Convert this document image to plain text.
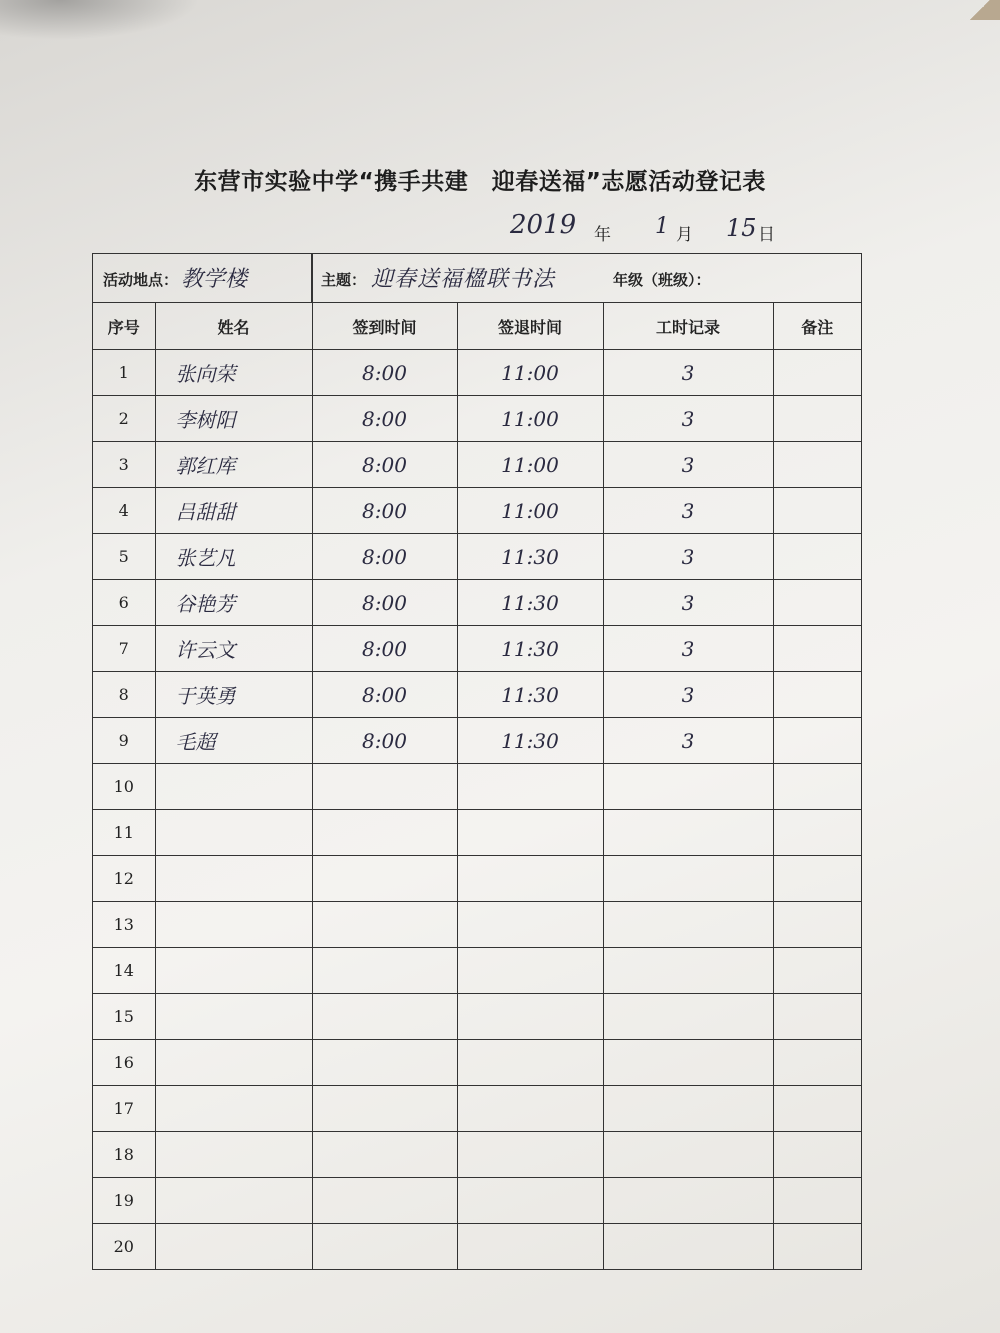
东营市实验中学“携手共建　迎春送福”志愿活动登记表
2019 年 1 月 15 日
活动地点： 教学楼	主题： 迎春送福楹联书法	年级（班级）：
序号	姓名	签到时间	签退时间	工时记录	备注
1	张向荣	8:00	11:00	3	
2	李树阳	8:00	11:00	3	
3	郭红库	8:00	11:00	3	
4	吕甜甜	8:00	11:00	3	
5	张艺凡	8:00	11:30	3	
6	谷艳芳	8:00	11:30	3	
7	许云文	8:00	11:30	3	
8	于英勇	8:00	11:30	3	
9	毛超	8:00	11:30	3	
10					
11					
12					
13					
14					
15					
16					
17					
18					
19					
20					
